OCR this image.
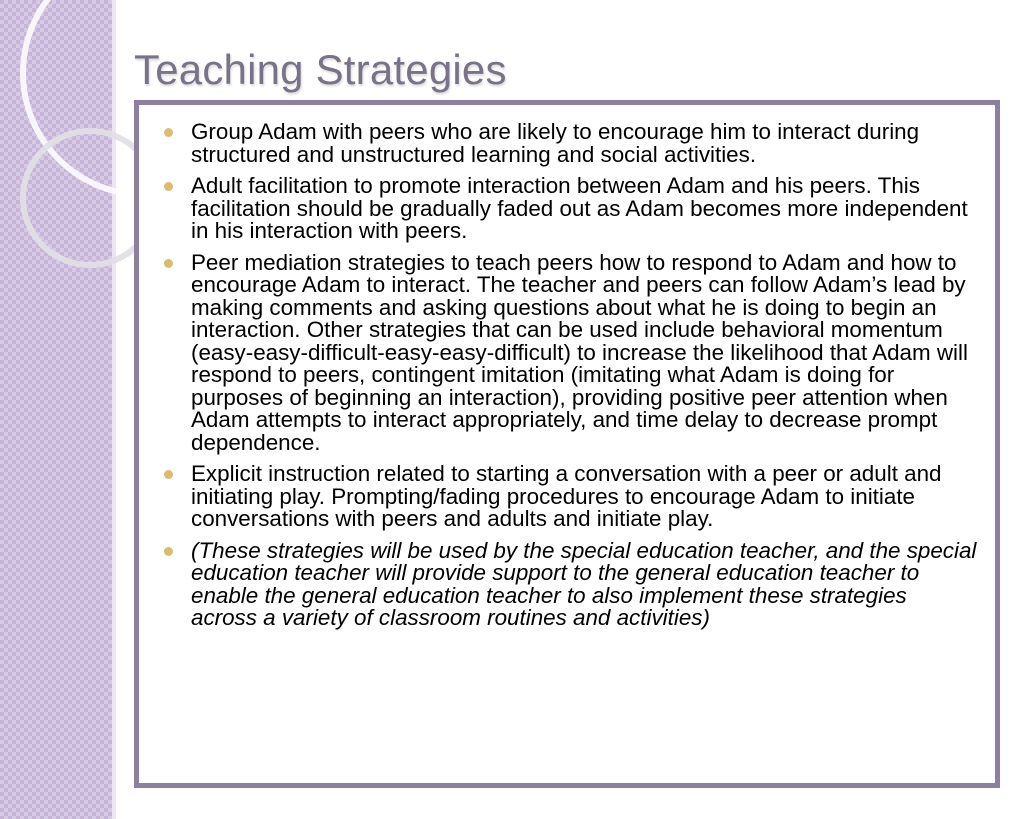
Teaching Strategies
Group Adam with peers who are likely to encourage him to interact during structured and unstructured learning and social activities.
Adult facilitation to promote interaction between Adam and his peers. This facilitation should be gradually faded out as Adam becomes more independent in his interaction with peers.
Peer mediation strategies to teach peers how to respond to Adam and how to encourage Adam to interact. The teacher and peers can follow Adam’s lead by making comments and asking questions about what he is doing to begin an interaction. Other strategies that can be used include behavioral momentum (easy-easy-difficult-easy-easy-difficult) to increase the likelihood that Adam will respond to peers, contingent imitation (imitating what Adam is doing for purposes of beginning an interaction), providing positive peer attention when Adam attempts to interact appropriately, and time delay to decrease prompt dependence.
Explicit instruction related to starting a conversation with a peer or adult and initiating play. Prompting/fading procedures to encourage Adam to initiate conversations with peers and adults and initiate play.
(These strategies will be used by the special education teacher, and the special education teacher will provide support to the general education teacher to enable the general education teacher to also implement these strategies across a variety of classroom routines and activities)
